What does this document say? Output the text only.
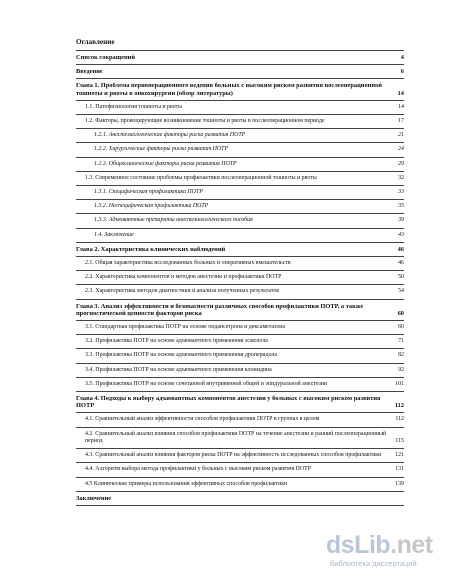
Оглавление
Список сокращений	4
Введение	6
Глава 1. Проблема периоперационного ведения больных с высоким риском развития послеоперационной тошноты и рвоты в онкохирургии (обзор литературы)	14
1.1. Патофизиология тошноты и рвоты	14
1.2. Факторы, провоцирующие возникновение тошноты и рвоты в послеоперационном периоде	17
1.2.1. Анестезиологические факторы риска развития ПОТР	21
1.2.2. Хирургические факторы риска развития ПОТР	24
1.2.3. Общеклинические факторы риска развития ПОТР	29
1.3. Современное состояние проблемы профилактики послеоперационной тошноты и рвоты	32
1.3.1. Специфическая профилактика ПОТР	33
1.3.2. Неспецифическая профилактика ПОТР	35
1.3.3. Адъювантные препараты анестезиологического пособия	39
1.4. Заключение	43
Глава 2. Характеристика клинических наблюдений	46
2.1. Общая характеристика исследованных больных и оперативных вмешательств	46
2.2. Характеристика компонентов и методов анестезии и профилактики ПОТР	50
2.3. Характеристика методов диагностики и анализа полученных результатов	54
Глава 3. Анализ эффективности и безопасности различных способов профилактики ПОТР, а также прогностической ценности факторов риска	60
3.1. Стандартная профилактика ПОТР на основе ондансетрона и дексаметазона	60
3.2. Профилактика ПОТР на основе адъювантного применения эсмолола	71
3.3. Профилактика ПОТР на основе адъювантного применения дроперидола	82
3.4. Профилактика ПОТР на основе адъювантного применения клонидина	92
3.5. Профилактика ПОТР на основе сочетанной внутривенной общей и эпидуральной анестезии	101
Глава 4. Подходы к выбору адъювантных компонентов анестезии у больных с высоким риском развития ПОТР	112
4.1. Сравнительный анализ эффективности способов профилактики ПОТР в группах в целом	112
4.2. Сравнительный анализ влияния способов профилактики ПОТР на течение анестезии и ранний послеоперационный период	115
4.3. Сравнительный анализ влияния факторов риска ПОТР на эффективность исследованных способов профилактики	121
4.4. Алгоритм выбора метода профилактики у больных с высоким риском развития ПОТР	131
4.5 Клинические примеры использования эффективных способов профилактики	139
Заключение
dsLib.net
библиотека диссертаций
